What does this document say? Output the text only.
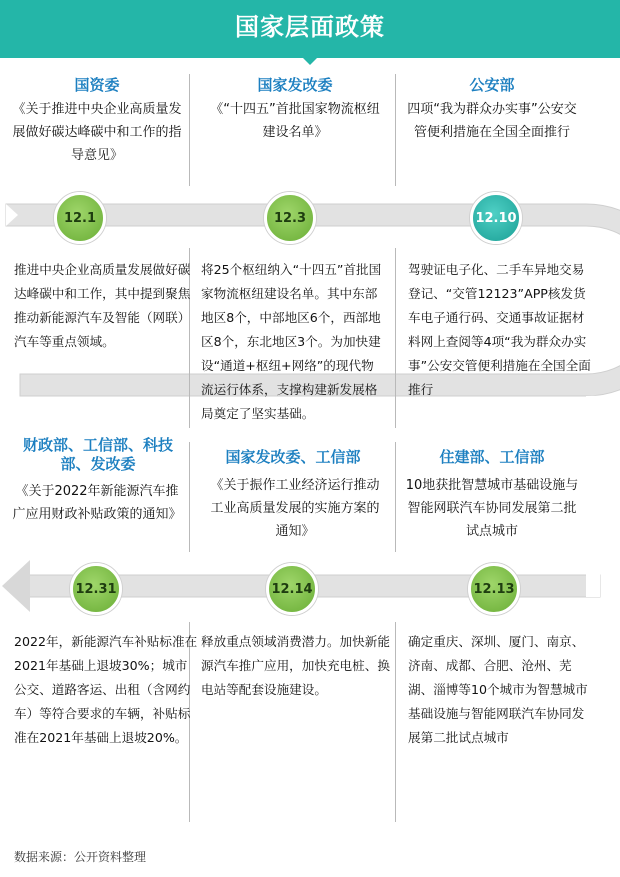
国家层面政策
国资委
《关于推进中央企业高质量发展做好碳达峰碳中和工作的指导意见》
12.1
推进中央企业高质量发展做好碳达峰碳中和工作，其中提到聚焦推动新能源汽车及智能（网联）汽车等重点领域。
国家发改委
《“十四五”首批国家物流枢纽建设名单》
12.3
将25个枢纽纳入“十四五”首批国家物流枢纽建设名单。其中东部地区8个，中部地区6个，西部地区8个，东北地区3个。为加快建设“通道+枢纽+网络”的现代物流运行体系，支撑构建新发展格局奠定了坚实基础。
公安部
四项“我为群众办实事”公安交管便利措施在全国全面推行
12.10
驾驶证电子化、二手车异地交易登记、“交管12123”APP核发货车电子通行码、交通事故证据材料网上查阅等4项“我为群众办实事”公安交管便利措施在全国全面推行
财政部、工信部、科技部、发改委
《关于2022年新能源汽车推广应用财政补贴政策的通知》
12.31
2022年，新能源汽车补贴标准在2021年基础上退坡30%；城市公交、道路客运、出租（含网约车）等符合要求的车辆，补贴标准在2021年基础上退坡20%。
国家发改委、工信部
《关于振作工业经济运行推动工业高质量发展的实施方案的通知》
12.14
释放重点领域消费潜力。加快新能源汽车推广应用，加快充电桩、换电站等配套设施建设。
住建部、工信部
10地获批智慧城市基础设施与智能网联汽车协同发展第二批试点城市
12.13
确定重庆、深圳、厦门、南京、济南、成都、合肥、沧州、芜湖、淄博等10个城市为智慧城市基础设施与智能网联汽车协同发展第二批试点城市
数据来源：公开资料整理
